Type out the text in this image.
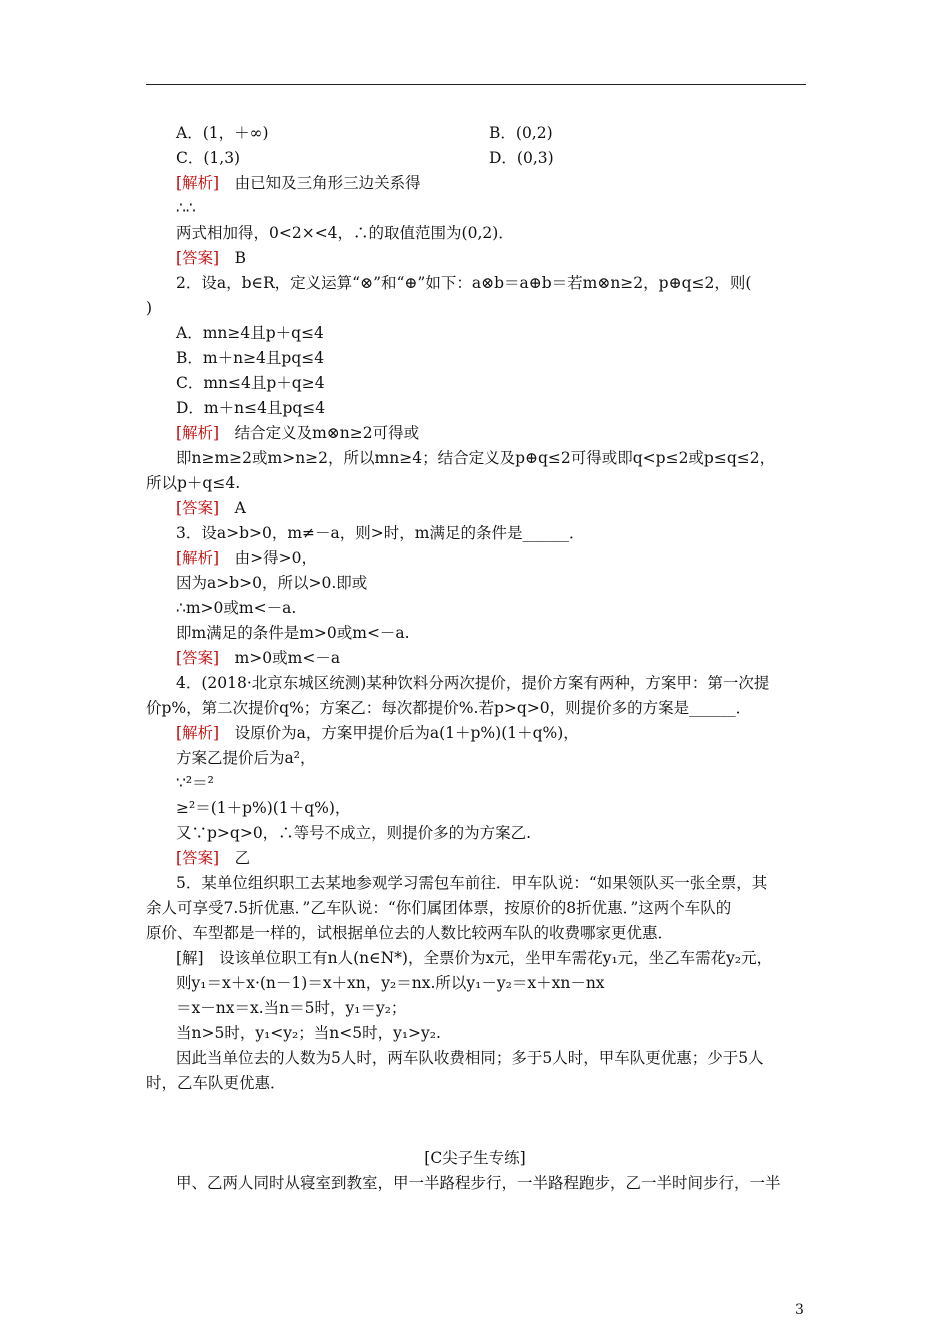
A．(1，＋∞)	B．(0,2)
C．(1,3)	D．(0,3)
[解析]　由已知及三角形三边关系得
∴∴
两式相加得，0<2×<4，∴的取值范围为(0,2)．
[答案]　B
2．设a，b∈R，定义运算“⊗”和“⊕”如下：a⊗b＝a⊕b＝若m⊗n≥2，p⊕q≤2，则(
)
A．mn≥4且p＋q≤4
B．m＋n≥4且pq≤4
C．mn≤4且p＋q≥4
D．m＋n≤4且pq≤4
[解析]　结合定义及m⊗n≥2可得或
即n≥m≥2或m>n≥2，所以mn≥4；结合定义及p⊕q≤2可得或即q<p≤2或p≤q≤2，
所以p＋q≤4.
[答案]　A
3．设a>b>0，m≠－a，则>时，m满足的条件是______．
[解析]　由>得>0，
因为a>b>0，所以>0.即或
∴m>0或m<－a.
即m满足的条件是m>0或m<－a.
[答案]　m>0或m<－a
4．(2018·北京东城区统测)某种饮料分两次提价，提价方案有两种，方案甲：第一次提
价p%，第二次提价q%；方案乙：每次都提价%.若p>q>0，则提价多的方案是______．
[解析]　设原价为a，方案甲提价后为a(1＋p%)(1＋q%)，
方案乙提价后为a²，
∵²＝²
≥²＝(1＋p%)(1＋q%)，
又∵p>q>0，∴等号不成立，则提价多的为方案乙.
[答案]　乙
5．某单位组织职工去某地参观学习需包车前往．甲车队说：“如果领队买一张全票，其
余人可享受7.5折优惠．”乙车队说：“你们属团体票，按原价的8折优惠．”这两个车队的
原价、车型都是一样的，试根据单位去的人数比较两车队的收费哪家更优惠．
[解]　设该单位职工有n人(n∈N*)，全票价为x元，坐甲车需花y₁元，坐乙车需花y₂元，
则y₁＝x＋x·(n－1)＝x＋xn，y₂＝nx.所以y₁－y₂＝x＋xn－nx
＝x－nx＝x.当n＝5时，y₁＝y₂；
当n>5时，y₁<y₂；当n<5时，y₁>y₂.
因此当单位去的人数为5人时，两车队收费相同；多于5人时，甲车队更优惠；少于5人
时，乙车队更优惠．
[C尖子生专练]
甲、乙两人同时从寝室到教室，甲一半路程步行，一半路程跑步，乙一半时间步行，一半
3
